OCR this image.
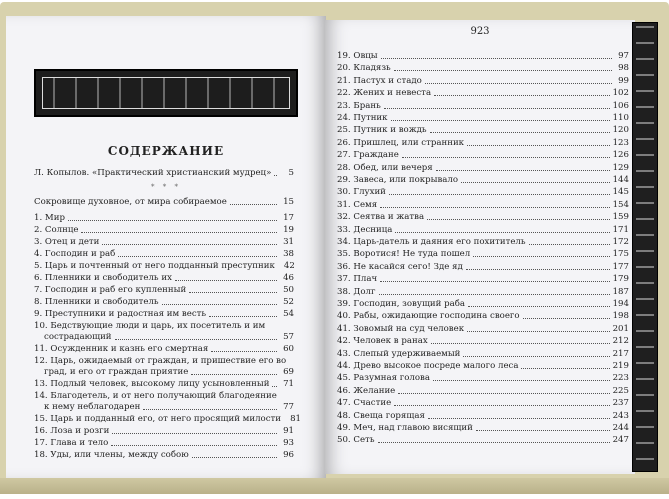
СОДЕРЖАНИЕ
* * *
Л. Копылов. «Практический христианский мудрец»	5
Сокровище духовное, от мира собираемое	15
1. Мир	17
2. Солнце	19
3. Отец и дети	31
4. Господин и раб	38
5. Царь и почтенный от него подданный преступник	42
6. Пленники и свободитель их	46
7. Господин и раб его купленный	50
8. Пленники и свободитель	52
9. Преступники и радостная им весть	54
10. Бедствующие люди и царь, их посетитель и им
сострадающий	57
11. Осужденник и казнь его смертная	60
12. Царь, ожидаемый от граждан, и пришествие его во
град, и его от граждан приятие	69
13. Подлый человек, высокому лицу усыновленный	71
14. Благодетель, и от него получающий благодеяние
к нему неблагодарен	77
15. Царь и подданный его, от него просящий милости	81
16. Лоза и розги	91
17. Глава и тело	93
18. Уды, или члены, между собою	96
923
19. Овцы	97
20. Кладязь	98
21. Пастух и стадо	99
22. Жених и невеста	102
23. Брань	106
24. Путник	110
25. Путник и вождь	120
26. Пришлец, или странник	123
27. Граждане	126
28. Обед, или вечеря	129
29. Завеса, или покрывало	144
30. Глухий	145
31. Семя	154
32. Сеятва и жатва	159
33. Десница	171
34. Царь-датель и даяния его похититель	172
35. Воротися! Не туда пошел	175
36. Не касайся сего! Зде яд	177
37. Плач	179
38. Долг	187
39. Господин, зовущий раба	194
40. Рабы, ожидающие господина своего	198
41. Зовомый на суд человек	201
42. Человек в ранах	212
43. Слепый удерживаемый	217
44. Древо высокое посреде малого леса	219
45. Разумная голова	223
46. Желание	225
47. Счастие	237
48. Свеща горящая	243
49. Меч, над главою висящий	244
50. Сеть	247
